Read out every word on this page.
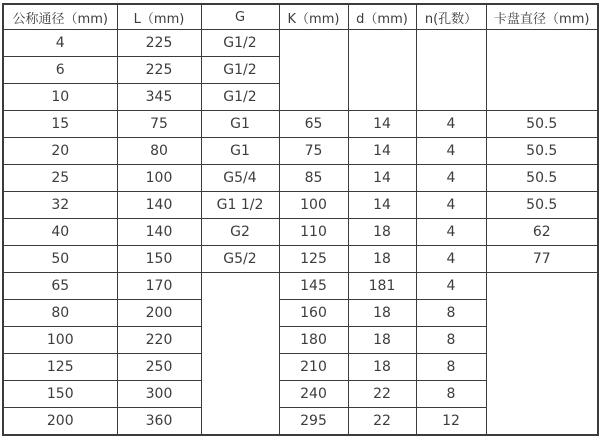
公称通径（mm)	L（mm)	G	K（mm)	d（mm)	n(孔数）	卡盘直径（mm)
4	225	G1/2				
6	225	G1/2				
10	345	G1/2				
15	75	G1	65	14	4	50.5
20	80	G1	75	14	4	50.5
25	100	G5/4	85	14	4	50.5
32	140	G1 1/2	100	14	4	50.5
40	140	G2	110	18	4	62
50	150	G5/2	125	18	4	77
65	170		145	181	4	
80	200		160	18	8	
100	220		180	18	8	
125	250		210	18	8	
150	300		240	22	8	
200	360		295	22	12	
